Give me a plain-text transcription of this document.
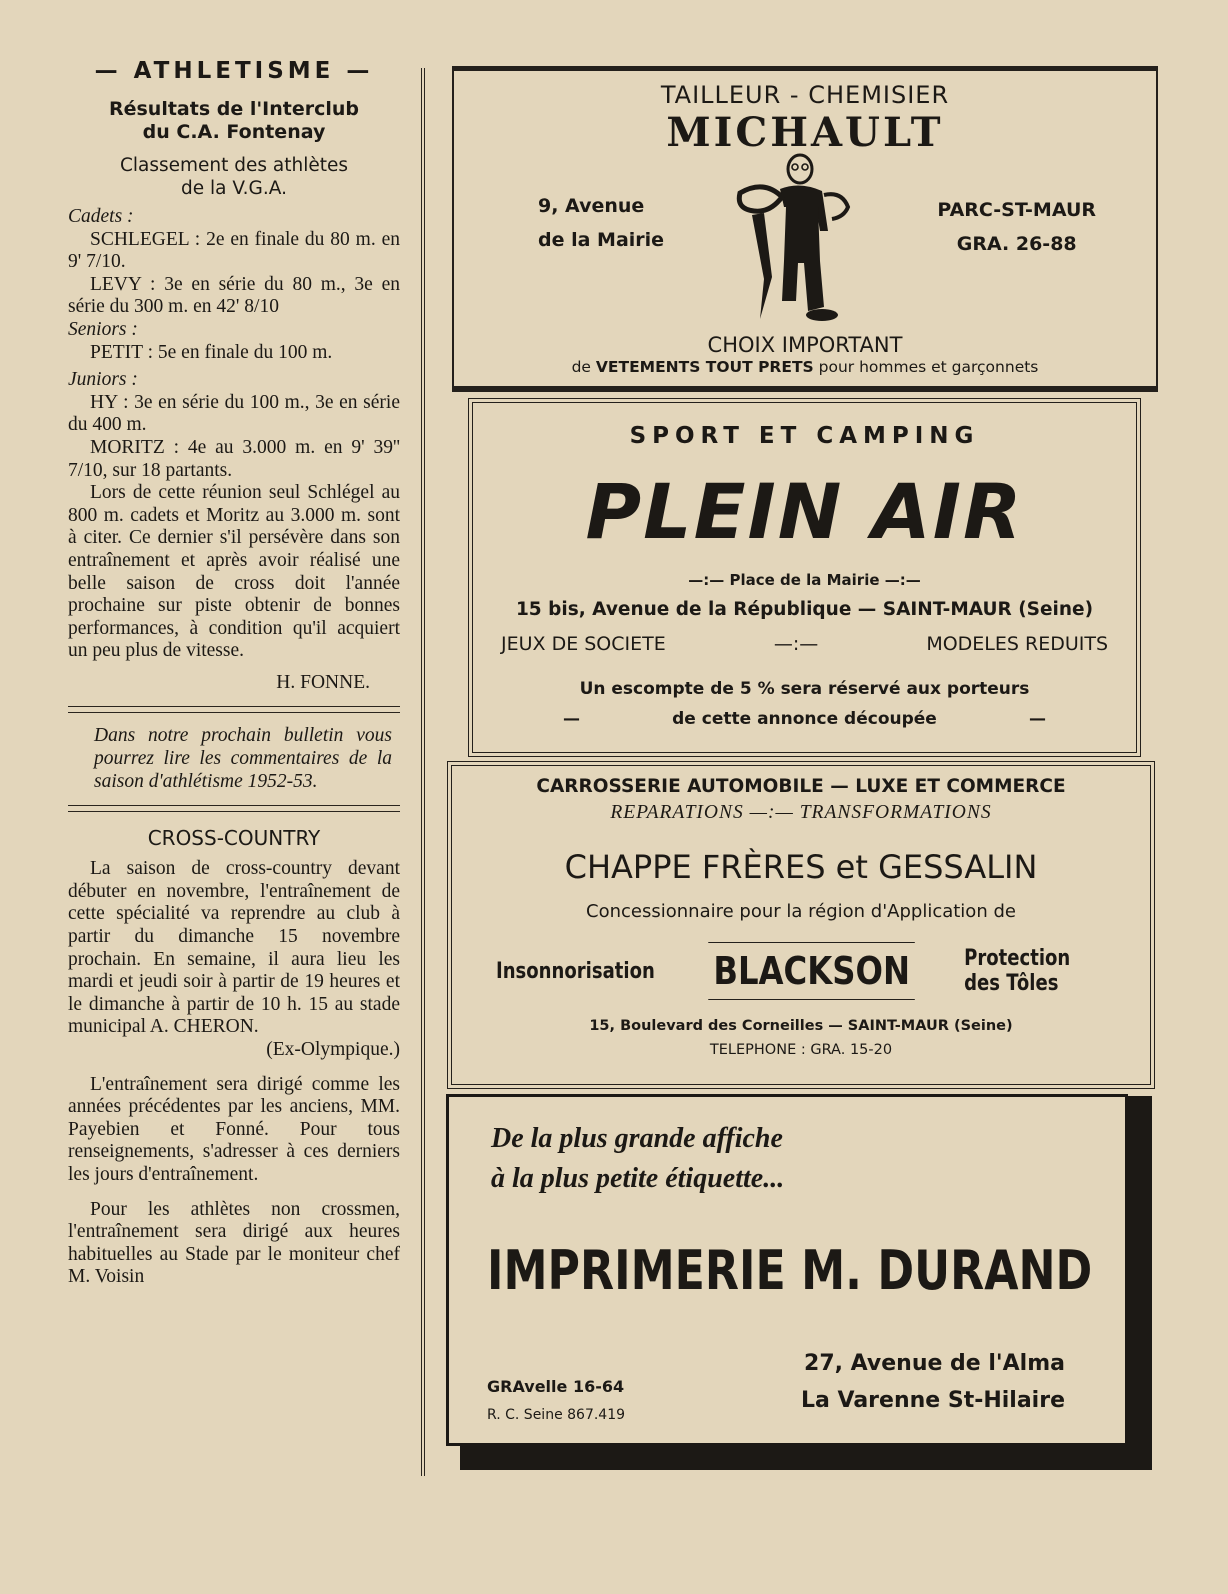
— ATHLETISME —
Résultats de l'Interclub
du C.A. Fontenay
Classement des athlètes
de la V.G.A.
Cadets :
SCHLEGEL : 2e en finale du 80 m. en 9' 7/10.
LEVY : 3e en série du 80 m., 3e en série du 300 m. en 42' 8/10
Seniors :
PETIT : 5e en finale du 100 m.
Juniors :
HY : 3e en série du 100 m., 3e en série du 400 m.
MORITZ : 4e au 3.000 m. en 9' 39'' 7/10, sur 18 partants.
Lors de cette réunion seul Schlégel au 800 m. cadets et Moritz au 3.000 m. sont à citer. Ce dernier s'il persévère dans son entraînement et après avoir réalisé une belle saison de cross doit l'année prochaine sur piste obtenir de bonnes performances, à condition qu'il acquiert un peu plus de vitesse.
H. FONNE.
Dans notre prochain bulletin vous pourrez lire les commentaires de la saison d'athlétisme 1952-53.
CROSS-COUNTRY
La saison de cross-country devant débuter en novembre, l'entraînement de cette spécialité va reprendre au club à partir du dimanche 15 novembre prochain. En semaine, il aura lieu les mardi et jeudi soir à partir de 19 heures et le dimanche à partir de 10 h. 15 au stade municipal A. CHERON.
(Ex-Olympique.)
L'entraînement sera dirigé comme les années précédentes par les anciens, MM. Payebien et Fonné. Pour tous renseignements, s'adresser à ces derniers les jours d'entraînement.
Pour les athlètes non crossmen, l'entraînement sera dirigé aux heures habituelles au Stade par le moniteur chef M. Voisin
TAILLEUR - CHEMISIER
MICHAULT
9, Avenue
de la Mairie
PARC-ST-MAUR
GRA. 26-88
CHOIX IMPORTANT
de VETEMENTS TOUT PRETS pour hommes et garçonnets
SPORT ET CAMPING
PLEIN AIR
—:— Place de la Mairie —:—
15 bis, Avenue de la République — SAINT-MAUR (Seine)
JEUX DE SOCIETE	—:—	MODELES REDUITS
Un escompte de 5 % sera réservé aux porteurs
—	de cette annonce découpée	—
CARROSSERIE AUTOMOBILE — LUXE ET COMMERCE
REPARATIONS —:— TRANSFORMATIONS
CHAPPE FRÈRES et GESSALIN
Concessionnaire pour la région d'Application de
Insonnorisation BLACKSON Protection des Tôles
15, Boulevard des Corneilles — SAINT-MAUR (Seine)
TELEPHONE : GRA. 15-20
De la plus grande affiche
à la plus petite étiquette...
IMPRIMERIE M. DURAND
GRAvelle 16-64
R. C. Seine 867.419
27, Avenue de l'Alma
La Varenne St-Hilaire
